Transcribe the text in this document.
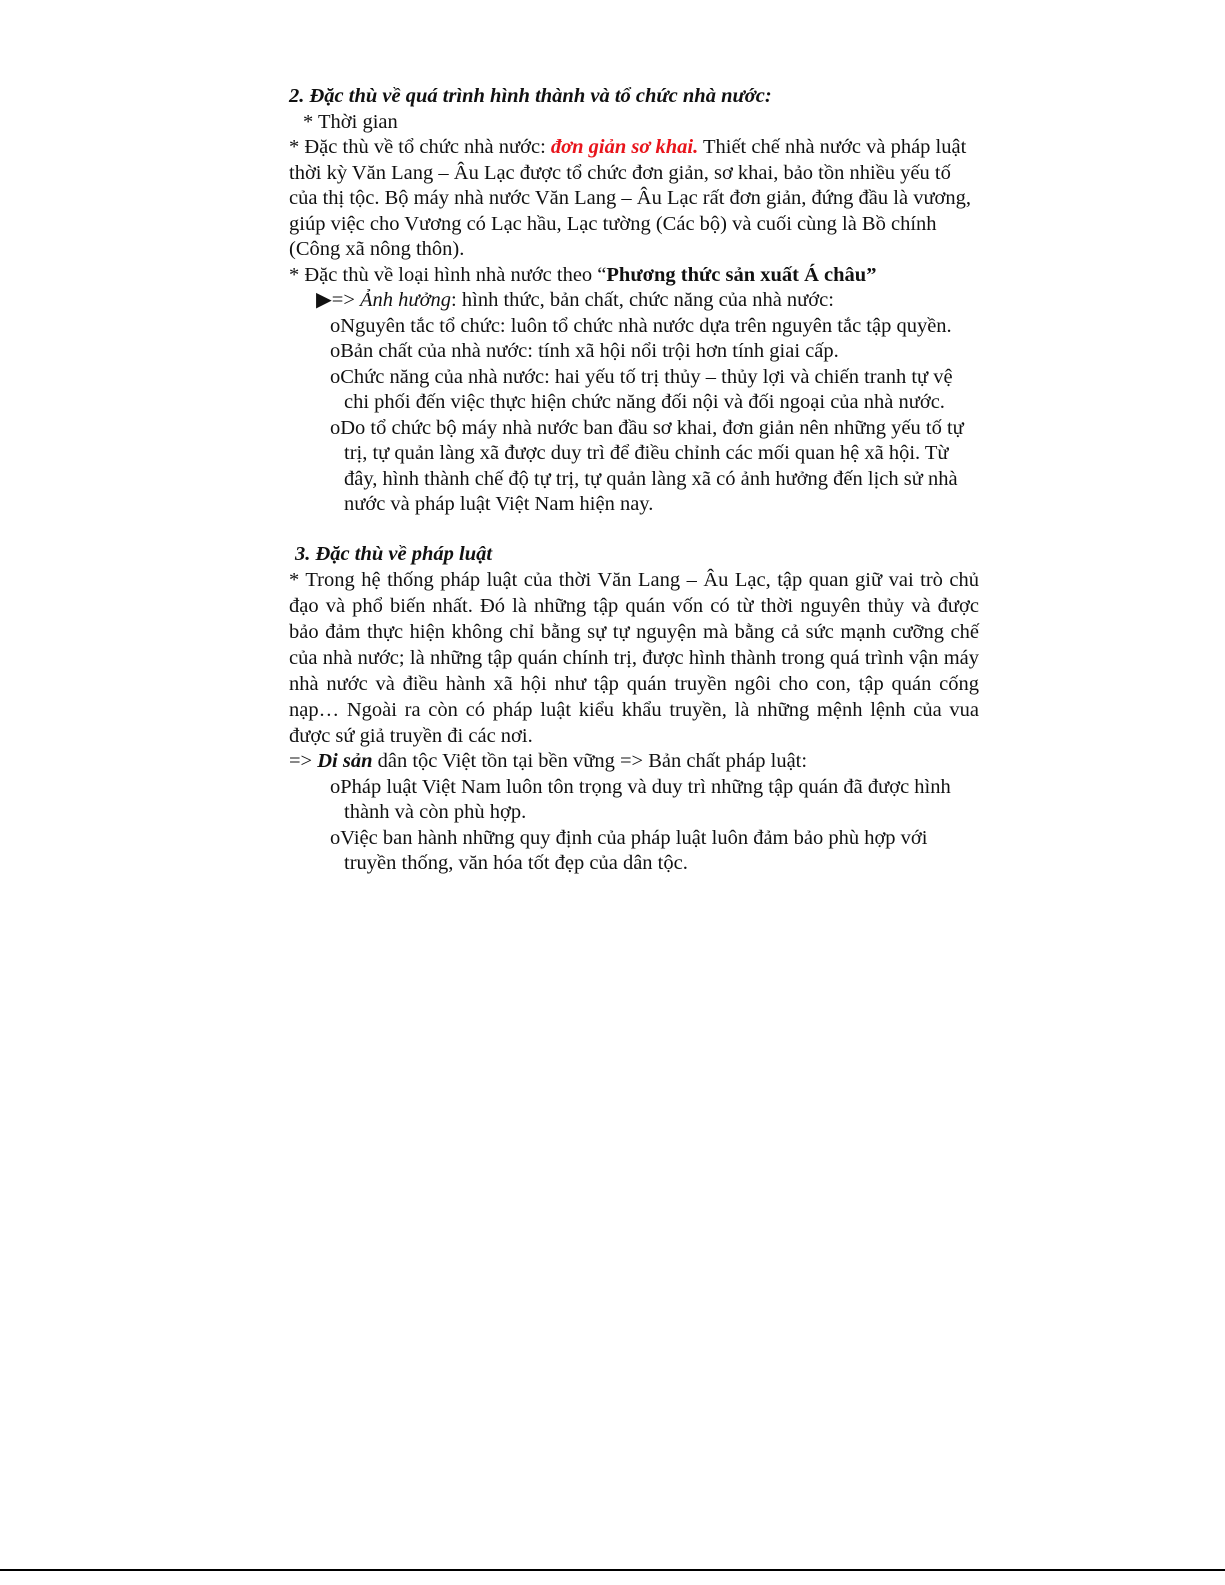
2. Đặc thù về quá trình hình thành và tổ chức nhà nước:

* Thời gian

* Đặc thù về tổ chức nhà nước: đơn giản sơ khai. Thiết chế nhà nước và pháp luật thời kỳ Văn Lang – Âu Lạc được tổ chức đơn giản, sơ khai, bảo tồn nhiều yếu tố của thị tộc. Bộ máy nhà nước Văn Lang – Âu Lạc rất đơn giản, đứng đầu là vương, giúp việc cho Vương có Lạc hầu, Lạc tường (Các bộ) và cuối cùng là Bồ chính (Công xã nông thôn).

* Đặc thù về loại hình nhà nước theo “Phương thức sản xuất Á châu”

▶=> Ảnh hưởng: hình thức, bản chất, chức năng của nhà nước:

oNguyên tắc tổ chức: luôn tổ chức nhà nước dựa trên nguyên tắc tập quyền.

oBản chất của nhà nước: tính xã hội nổi trội hơn tính giai cấp.

oChức năng của nhà nước: hai yếu tố trị thủy – thủy lợi và chiến tranh tự vệ chi phối đến việc thực hiện chức năng đối nội và đối ngoại của nhà nước.

oDo tổ chức bộ máy nhà nước ban đầu sơ khai, đơn giản nên những yếu tố tự trị, tự quản làng xã được duy trì để điều chỉnh các mối quan hệ xã hội. Từ đây, hình thành chế độ tự trị, tự quản làng xã có ảnh hưởng đến lịch sử nhà nước và pháp luật Việt Nam hiện nay.

3. Đặc thù về pháp luật

* Trong hệ thống pháp luật của thời Văn Lang – Âu Lạc, tập quan giữ vai trò chủ đạo và phổ biến nhất. Đó là những tập quán vốn có từ thời nguyên thủy và được bảo đảm thực hiện không chỉ bằng sự tự nguyện mà bằng cả sức mạnh cưỡng chế của nhà nước; là những tập quán chính trị, được hình thành trong quá trình vận máy nhà nước và điều hành xã hội như tập quán truyền ngôi cho con, tập quán cống nạp… Ngoài ra còn có pháp luật kiểu khẩu truyền, là những mệnh lệnh của vua được sứ giả truyền đi các nơi.

=> Di sản dân tộc Việt tồn tại bền vững => Bản chất pháp luật:

oPháp luật Việt Nam luôn tôn trọng và duy trì những tập quán đã được hình thành và còn phù hợp.

oViệc ban hành những quy định của pháp luật luôn đảm bảo phù hợp với truyền thống, văn hóa tốt đẹp của dân tộc.
